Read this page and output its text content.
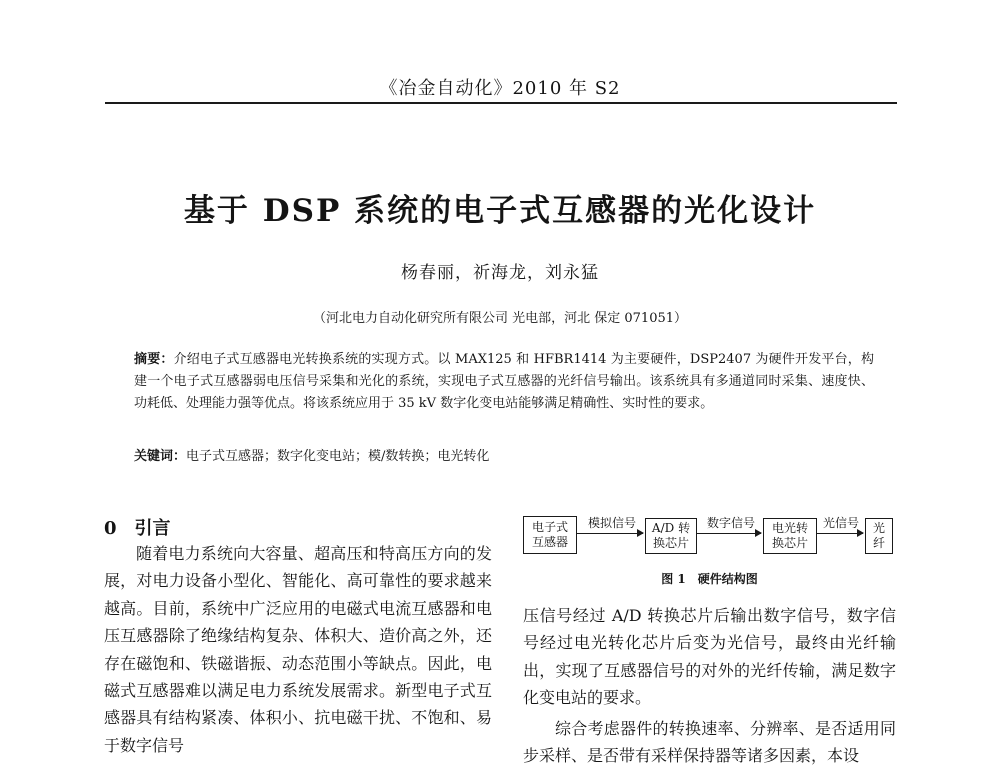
《冶金自动化》2010 年 S2
基于 DSP 系统的电子式互感器的光化设计
杨春丽，祈海龙，刘永猛
（河北电力自动化研究所有限公司 光电部，河北 保定 071051）
摘要：介绍电子式互感器电光转换系统的实现方式。以 MAX125 和 HFBR1414 为主要硬件，DSP2407 为硬件开发平台，构建一个电子式互感器弱电压信号采集和光化的系统，实现电子式互感器的光纤信号输出。该系统具有多通道同时采集、速度快、功耗低、处理能力强等优点。将该系统应用于 35 kV 数字化变电站能够满足精确性、实时性的要求。
关键词：电子式互感器；数字化变电站；模/数转换；电光转化
0 引言

随着电力系统向大容量、超高压和特高压方向的发展，对电力设备小型化、智能化、高可靠性的要求越来越高。目前，系统中广泛应用的电磁式电流互感器和电压互感器除了绝缘结构复杂、体积大、造价高之外，还存在磁饱和、铁磁谐振、动态范围小等缺点。因此，电磁式互感器难以满足电力系统发展需求。新型电子式互感器具有结构紧凑、体积小、抗电磁干扰、不饱和、易于数字信号

电子式
互感器
模拟信号	A/D 转
换芯片
数字信号	电光转
换芯片
光信号	光
纤
图 1　硬件结构图

压信号经过 A/D 转换芯片后输出数字信号，数字信号经过电光转化芯片后变为光信号，最终由光纤输出，实现了互感器信号的对外的光纤传输，满足数字化变电站的要求。

综合考虑器件的转换速率、分辨率、是否适用同步采样、是否带有采样保持器等诸多因素，本设
